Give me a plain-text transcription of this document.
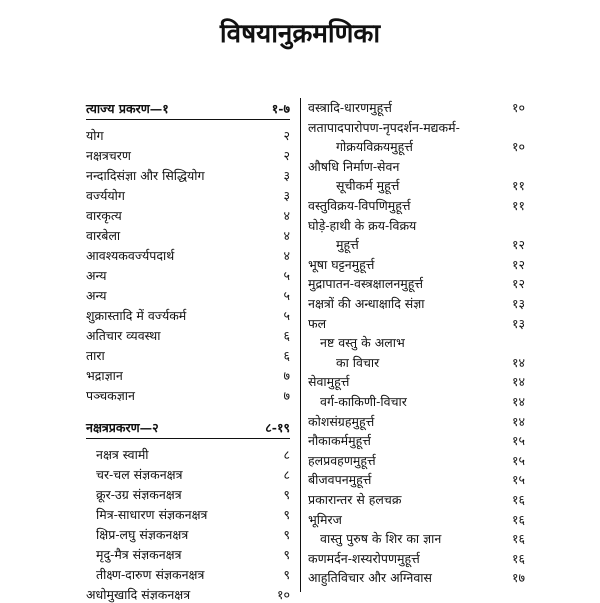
विषयानुक्रमणिका
त्याज्य प्रकरण—१	१-७
योग	२
नक्षत्रचरण	२
नन्दादिसंज्ञा और सिद्धियोग	३
वर्ज्ययोग	३
वारकृत्य	४
वारबेला	४
आवश्यकवर्ज्यपदार्थ	४
अन्य	५
अन्य	५
शुक्रास्तादि में वर्ज्यकर्म	५
अतिचार व्यवस्था	६
तारा	६
भद्राज्ञान	७
पञ्चकज्ञान	७
नक्षत्रप्रकरण—२	८-१९
नक्षत्र स्वामी	८
चर-चल संज्ञकनक्षत्र	८
क्रूर-उग्र संज्ञकनक्षत्र	९
मित्र-साधारण संज्ञकनक्षत्र	९
क्षिप्र-लघु संज्ञकनक्षत्र	९
मृदु-मैत्र संज्ञकनक्षत्र	९
तीक्ष्ण-दारुण संज्ञकनक्षत्र	९
अधोमुखादि संज्ञकनक्षत्र	१०
वस्त्रादि-धारणमुहूर्त्त	१०
लतापादपारोपण-नृपदर्शन-मद्यकर्म-
गोक्रयविक्रयमुहूर्त्त	१०
औषधि निर्माण-सेवन
सूचीकर्म मुहूर्त्त	११
वस्तुविक्रय-विपणिमुहूर्त्त	११
घोड़े-हाथी के क्रय-विक्रय
मुहूर्त्त	१२
भूषा घट्टनमुहूर्त्त	१२
मुद्रापातन-वस्त्रक्षालनमुहूर्त्त	१२
नक्षत्रों की अन्धाक्षादि संज्ञा	१३
फल	१३
नष्ट वस्तु के अलाभ
का विचार	१४
सेवामुहूर्त्त	१४
वर्ग-काकिणी-विचार	१४
कोशसंग्रहमुहूर्त्त	१४
नौकाकर्ममुहूर्त्त	१५
हलप्रवहणमुहूर्त्त	१५
बीजवपनमुहूर्त्त	१५
प्रकारान्तर से हलचक्र	१६
भूमिरज	१६
वास्तु पुरुष के शिर का ज्ञान	१६
कणमर्दन-शस्यरोपणमुहूर्त्त	१६
आहुतिविचार और अग्निवास	१७
